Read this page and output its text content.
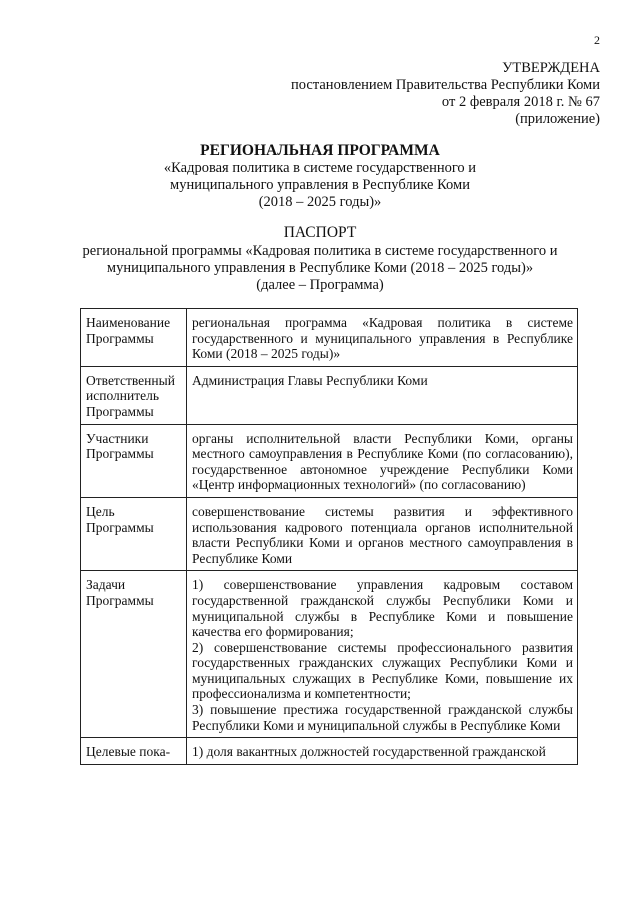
2
УТВЕРЖДЕНА
постановлением Правительства Республики Коми
от 2 февраля 2018 г. № 67
(приложение)
РЕГИОНАЛЬНАЯ ПРОГРАММА
«Кадровая политика в системе государственного и
муниципального управления в Республике Коми
(2018 – 2025 годы)»
ПАСПОРТ
региональной программы «Кадровая политика в системе государственного и
муниципального управления в Республике Коми (2018 – 2025 годы)»
(далее – Программа)
Наименование Программы	региональная программа «Кадровая политика в системе государственного и муниципального управления в Республике Коми (2018 – 2025 годы)»
Ответственный исполнитель Программы	Администрация Главы Республики Коми
Участники Программы	органы исполнительной власти Республики Коми, органы местного самоуправления в Республике Коми (по согласованию), государственное автономное учреждение Республики Коми «Центр информационных технологий» (по согласованию)
Цель Программы	совершенствование системы развития и эффективного использования кадрового потенциала органов исполнительной власти Республики Коми и органов местного самоуправления в Республике Коми
Задачи Программы	1) совершенствование управления кадровым составом государственной гражданской службы Республики Коми и муниципальной службы в Республике Коми и повышение качества его формирования;
2) совершенствование системы профессионального развития государственных гражданских служащих Республики Коми и муниципальных служащих в Республике Коми, повышение их профессионализма и компетентности;
3) повышение престижа государственной гражданской службы Республики Коми и муниципальной службы в Республике Коми

Целевые пока-	1) доля вакантных должностей государственной гражданской
